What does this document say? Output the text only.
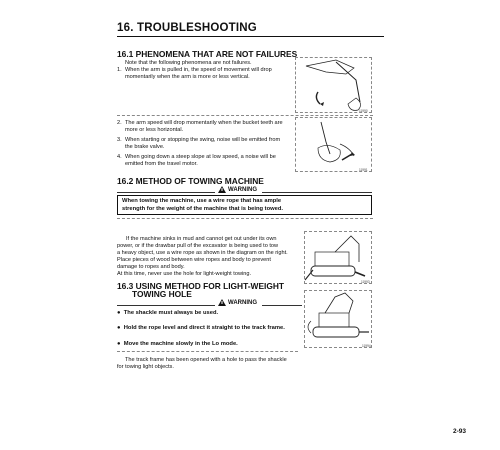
16. TROUBLESHOOTING
16.1 PHENOMENA THAT ARE NOT FAILURES
Note that the following phenomena are not failures.
1. When the arm is pulled in, the speed of movement will drop
momentarily when the arm is more or less vertical.
11990
2. The arm speed will drop momentarily when the bucket teeth are
more or less horizontal.
3. When starting or stopping the swing, noise will be emitted from
the brake valve.
4. When going down a steep slope at low speed, a noise will be
emitted from the travel motor.
11991
16.2 METHOD OF TOWING MACHINE
WARNING
When towing the machine, use a wire rope that has ample
strength for the weight of the machine that is being towed.
If the machine sinks in mud and cannot get out under its own
power, or if the drawbar pull of the excavator is being used to tow
a heavy object, use a wire rope as shown in the diagram on the right.
Place pieces of wood between wire ropes and body to prevent
damage to ropes and body.
At this time, never use the hole for light-weight towing.
11993
16.3 USING METHOD FOR LIGHT-WEIGHT
TOWING HOLE
WARNING
● The shackle must always be used.
● Hold the rope level and direct it straight to the track frame.
● Move the machine slowly in the Lo mode.	11994
The track frame has been opened with a hole to pass the shackle
for towing light objects.
2-93
